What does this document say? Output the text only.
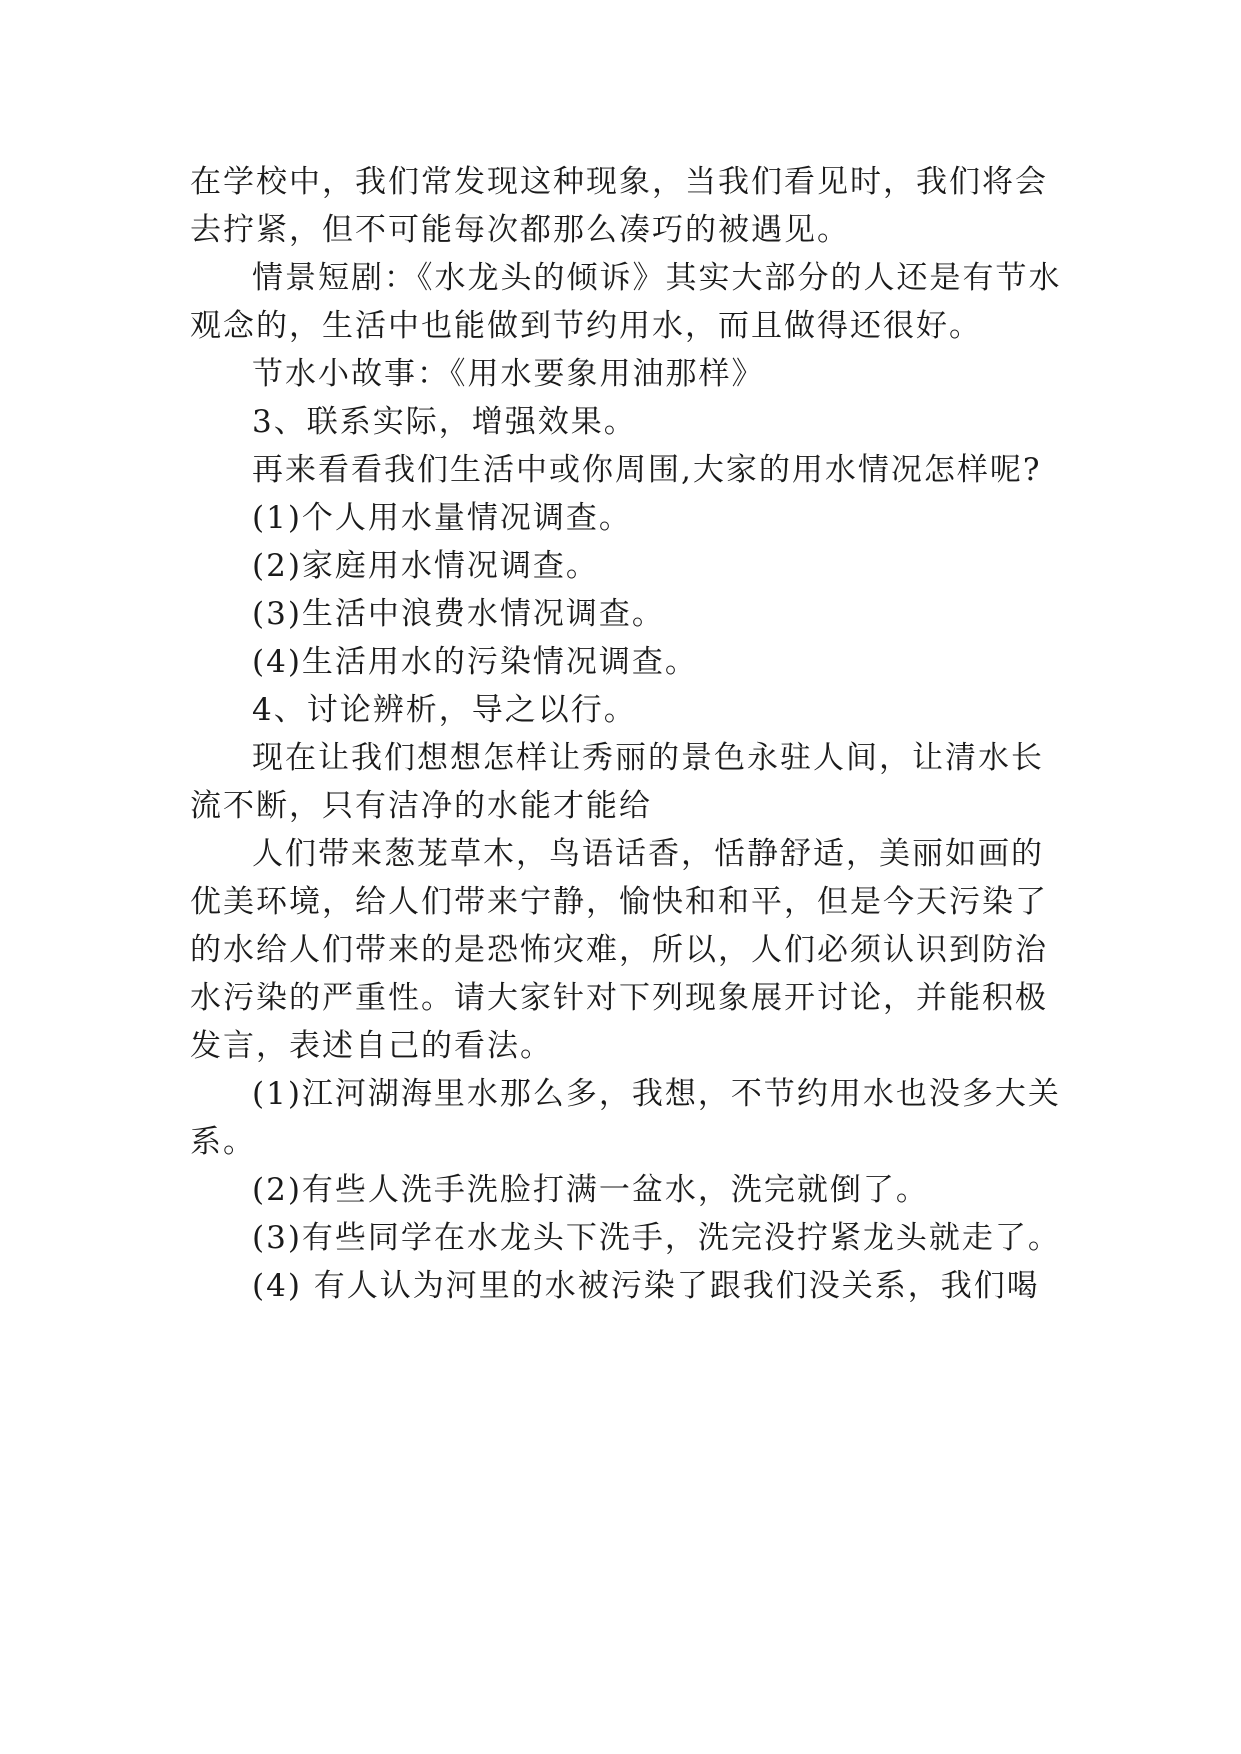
在学校中，我们常发现这种现象，当我们看见时，我们将会去拧紧，但不可能每次都那么凑巧的被遇见。

情景短剧：《水龙头的倾诉》其实大部分的人还是有节水观念的，生活中也能做到节约用水，而且做得还很好。

节水小故事：《用水要象用油那样》

3、联系实际，增强效果。

再来看看我们生活中或你周围,大家的用水情况怎样呢?

(1)个人用水量情况调查。

(2)家庭用水情况调查。

(3)生活中浪费水情况调查。

(4)生活用水的污染情况调查。

4、讨论辨析，导之以行。

现在让我们想想怎样让秀丽的景色永驻人间，让清水长流不断，只有洁净的水能才能给

人们带来葱茏草木，鸟语话香，恬静舒适，美丽如画的优美环境，给人们带来宁静，愉快和和平，但是今天污染了的水给人们带来的是恐怖灾难，所以，人们必须认识到防治水污染的严重性。请大家针对下列现象展开讨论，并能积极发言，表述自己的看法。

(1)江河湖海里水那么多，我想，不节约用水也没多大关系。

(2)有些人洗手洗脸打满一盆水，洗完就倒了。

(3)有些同学在水龙头下洗手，洗完没拧紧龙头就走了。

(4) 有人认为河里的水被污染了跟我们没关系，我们喝
